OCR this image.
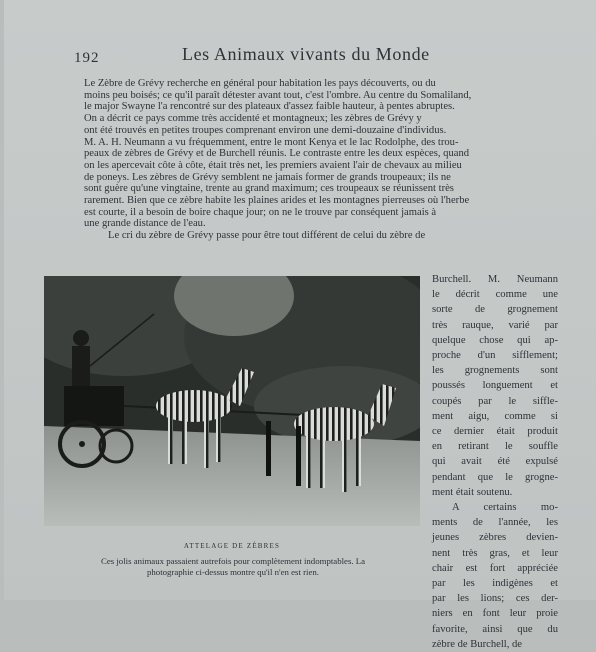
192	Les Animaux vivants du Monde

Le Zèbre de Grévy recherche en général pour habitation les pays découverts, ou du
moins peu boisés; ce qu'il paraît détester avant tout, c'est l'ombre. Au centre du Somaliland,
le major Swayne l'a rencontré sur des plateaux d'assez faible hauteur, à pentes abruptes.
On a décrit ce pays comme très accidenté et montagneux; les zèbres de Grévy y
ont été trouvés en petites troupes comprenant environ une demi-douzaine d'individus.
M. A. H. Neumann a vu fréquemment, entre le mont Kenya et le lac Rodolphe, des trou-
peaux de zèbres de Grévy et de Burchell réunis. Le contraste entre les deux espèces, quand
on les apercevait côte à côte, était très net, les premiers avaient l'air de chevaux au milieu
de poneys. Les zèbres de Grévy semblent ne jamais former de grands troupeaux; ils ne
sont guère qu'une vingtaine, trente au grand maximum; ces troupeaux se réunissent très
rarement. Bien que ce zèbre habite les plaines arides et les montagnes pierreuses où l'herbe
est courte, il a besoin de boire chaque jour; on ne le trouve par conséquent jamais à
une grande distance de l'eau.
Le cri du zèbre de Grévy passe pour être tout différent de celui du zèbre de

ATTELAGE DE ZÈBRES
Ces jolis animaux passaient autrefois pour complètement indomptables. La
photographie ci-dessus montre qu'il n'en est rien.

Burchell. M. Neumann
le décrit comme une
sorte de grognement
très rauque, varié par
quelque chose qui ap-
proche d'un sifflement;
les grognements sont
poussés longuement et
coupés par le siffle-
ment aigu, comme si
ce dernier était produit
en retirant le souffle
qui avait été expulsé
pendant que le grogne-
ment était soutenu.
A certains mo-
ments de l'année, les
jeunes zèbres devien-
nent très gras, et leur
chair est fort appréciée
par les indigènes et
par les lions; ces der-
niers en font leur proie
favorite, ainsi que du
zèbre de Burchell, de
